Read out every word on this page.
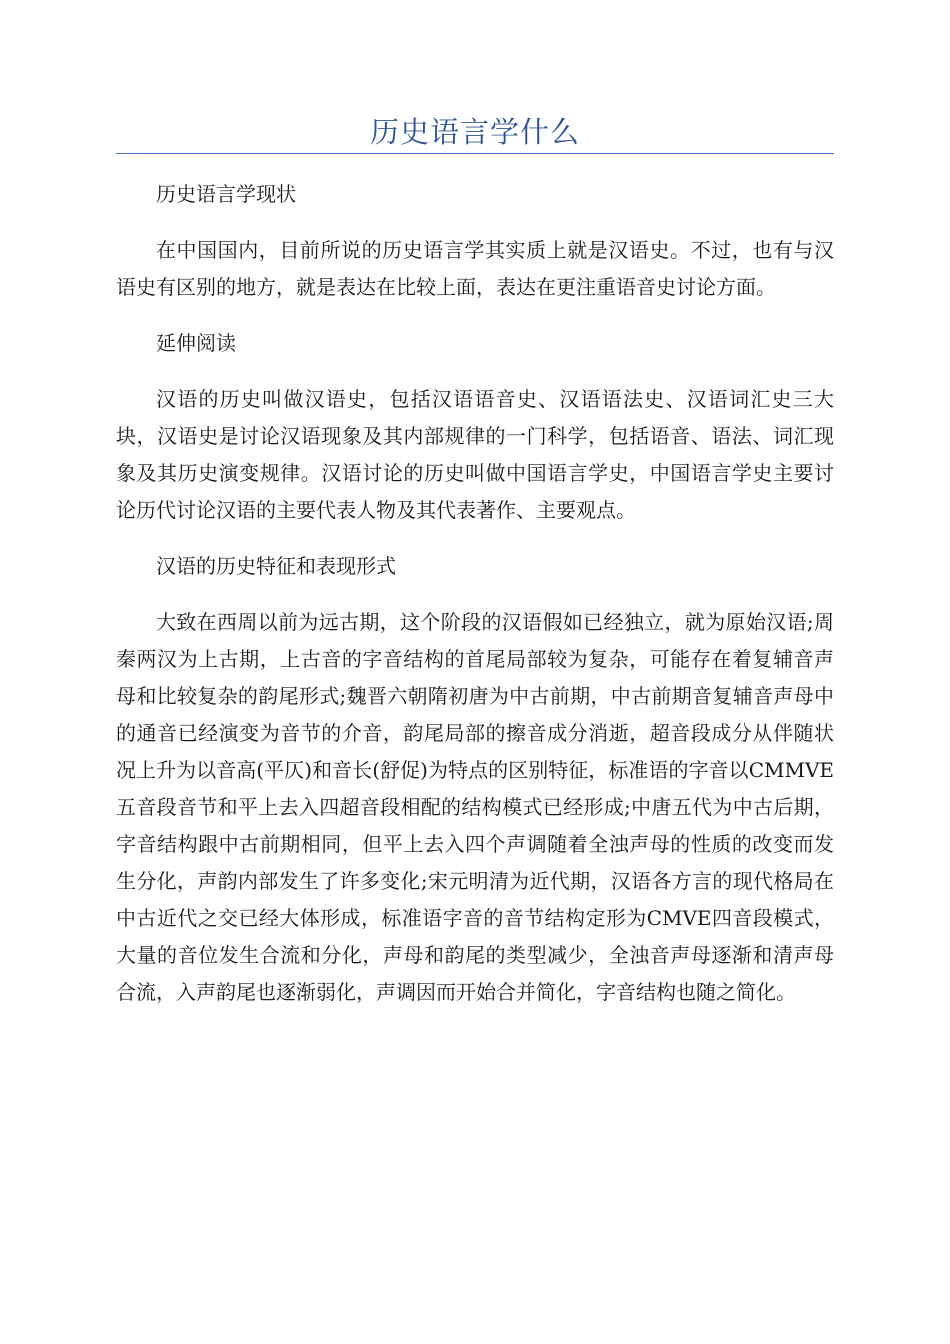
历史语言学什么

历史语言学现状

在中国国内，目前所说的历史语言学其实质上就是汉语史。不过，也有与汉语史有区别的地方，就是表达在比较上面，表达在更注重语音史讨论方面。

延伸阅读

汉语的历史叫做汉语史，包括汉语语音史、汉语语法史、汉语词汇史三大块，汉语史是讨论汉语现象及其内部规律的一门科学，包括语音、语法、词汇现象及其历史演变规律。汉语讨论的历史叫做中国语言学史，中国语言学史主要讨论历代讨论汉语的主要代表人物及其代表著作、主要观点。

汉语的历史特征和表现形式

大致在西周以前为远古期，这个阶段的汉语假如已经独立，就为原始汉语;周秦两汉为上古期，上古音的字音结构的首尾局部较为复杂，可能存在着复辅音声母和比较复杂的韵尾形式;魏晋六朝隋初唐为中古前期，中古前期音复辅音声母中的通音已经演变为音节的介音，韵尾局部的擦音成分消逝，超音段成分从伴随状况上升为以音高(平仄)和音长(舒促)为特点的区别特征，标准语的字音以CMMVE五音段音节和平上去入四超音段相配的结构模式已经形成;中唐五代为中古后期，字音结构跟中古前期相同，但平上去入四个声调随着全浊声母的性质的改变而发生分化，声韵内部发生了许多变化;宋元明清为近代期，汉语各方言的现代格局在中古近代之交已经大体形成，标准语字音的音节结构定形为CMVE四音段模式，大量的音位发生合流和分化，声母和韵尾的类型减少，全浊音声母逐渐和清声母合流，入声韵尾也逐渐弱化，声调因而开始合并简化，字音结构也随之简化。
